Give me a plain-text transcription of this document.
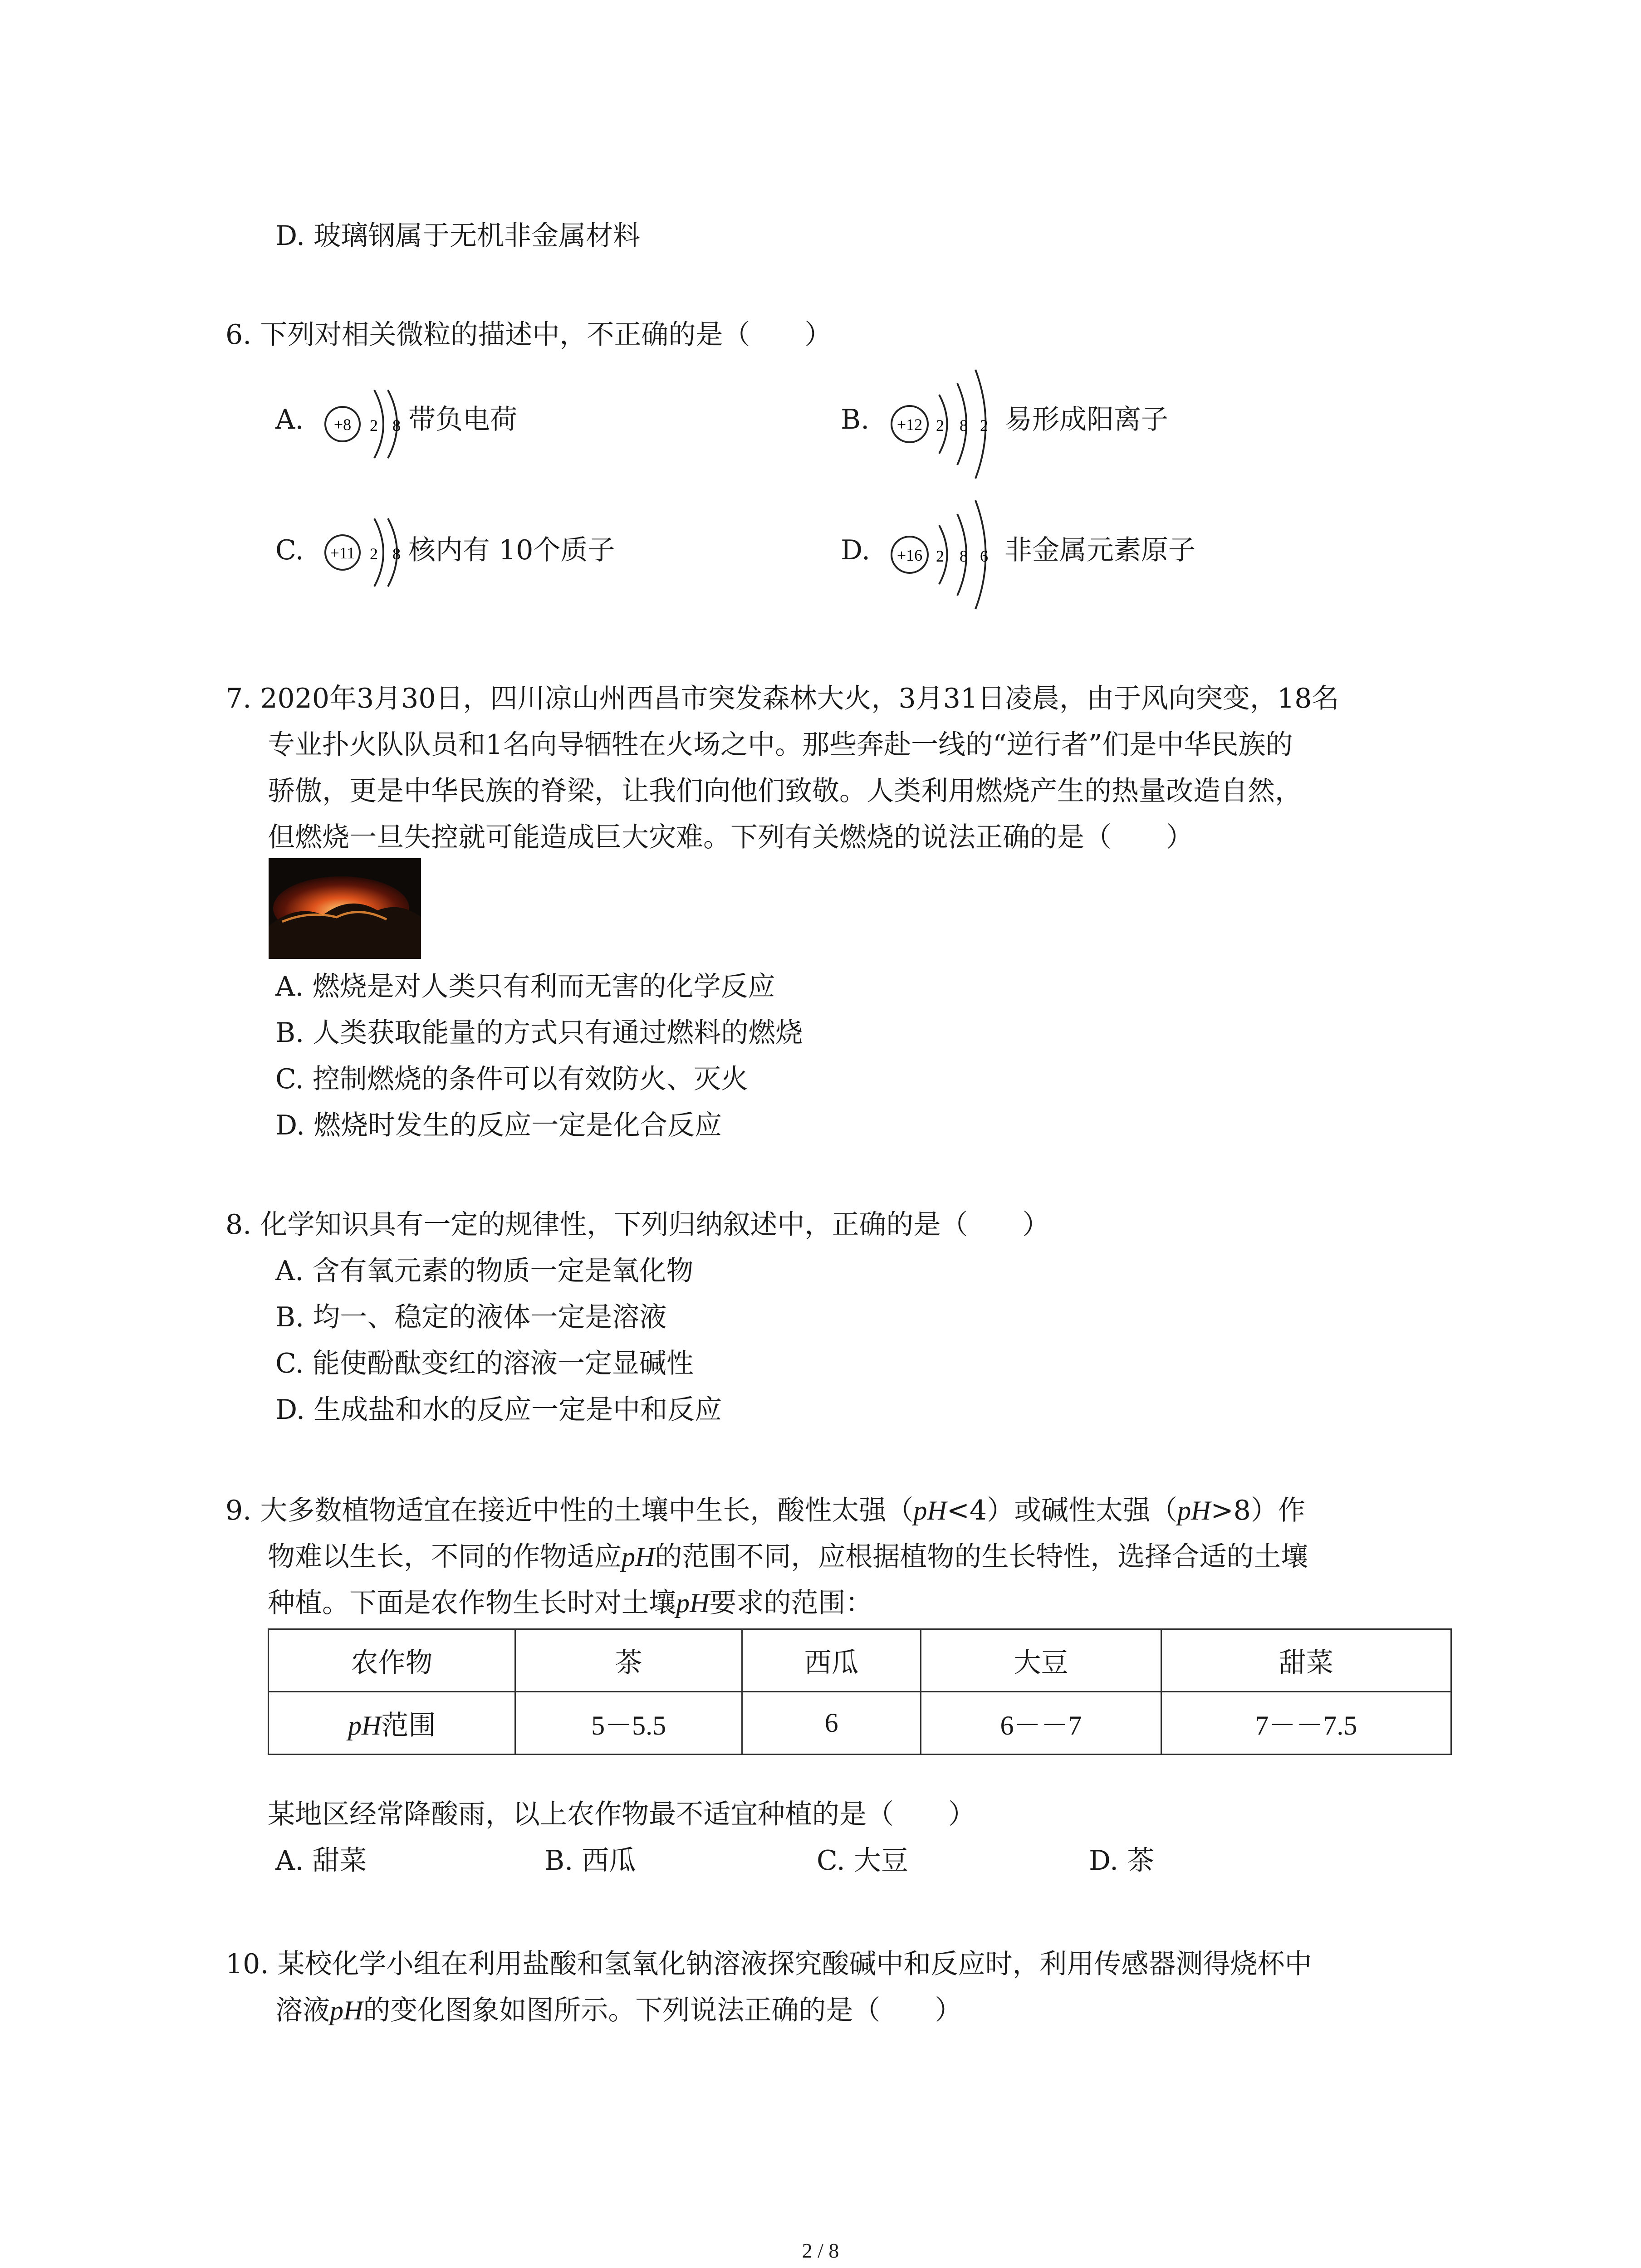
D. 玻璃钢属于无机非金属材料
6. 下列对相关微粒的描述中，不正确的是（　　）
A. +8 2 8 带负电荷	B. +12 2 8 2 易形成阳离子
C. +11 2 8 核内有 10个质子	D. +16 2 8 6 非金属元素原子
7. 2020年3月30日，四川凉山州西昌市突发森林大火，3月31日凌晨，由于风向突变，18名
专业扑火队队员和1名向导牺牲在火场之中。那些奔赴一线的“逆行者”们是中华民族的
骄傲，更是中华民族的脊梁，让我们向他们致敬。人类利用燃烧产生的热量改造自然，
但燃烧一旦失控就可能造成巨大灾难。下列有关燃烧的说法正确的是（　　）
A. 燃烧是对人类只有利而无害的化学反应
B. 人类获取能量的方式只有通过燃料的燃烧
C. 控制燃烧的条件可以有效防火、灭火
D. 燃烧时发生的反应一定是化合反应
8. 化学知识具有一定的规律性，下列归纳叙述中，正确的是（　　）
A. 含有氧元素的物质一定是氧化物
B. 均一、稳定的液体一定是溶液
C. 能使酚酞变红的溶液一定显碱性
D. 生成盐和水的反应一定是中和反应
9. 大多数植物适宜在接近中性的土壤中生长，酸性太强（pH<4）或碱性太强（pH>8）作
物难以生长，不同的作物适应pH的范围不同，应根据植物的生长特性，选择合适的土壤
种植。下面是农作物生长时对土壤pH要求的范围：
农作物	茶	西瓜	大豆	甜菜
pH范围	5－5.5	6	6－－7	7－－7.5
某地区经常降酸雨，以上农作物最不适宜种植的是（　　）
A. 甜菜	B. 西瓜	C. 大豆	D. 茶
10. 某校化学小组在利用盐酸和氢氧化钠溶液探究酸碱中和反应时，利用传感器测得烧杯中
溶液pH的变化图象如图所示。下列说法正确的是（　　）
2 / 8
